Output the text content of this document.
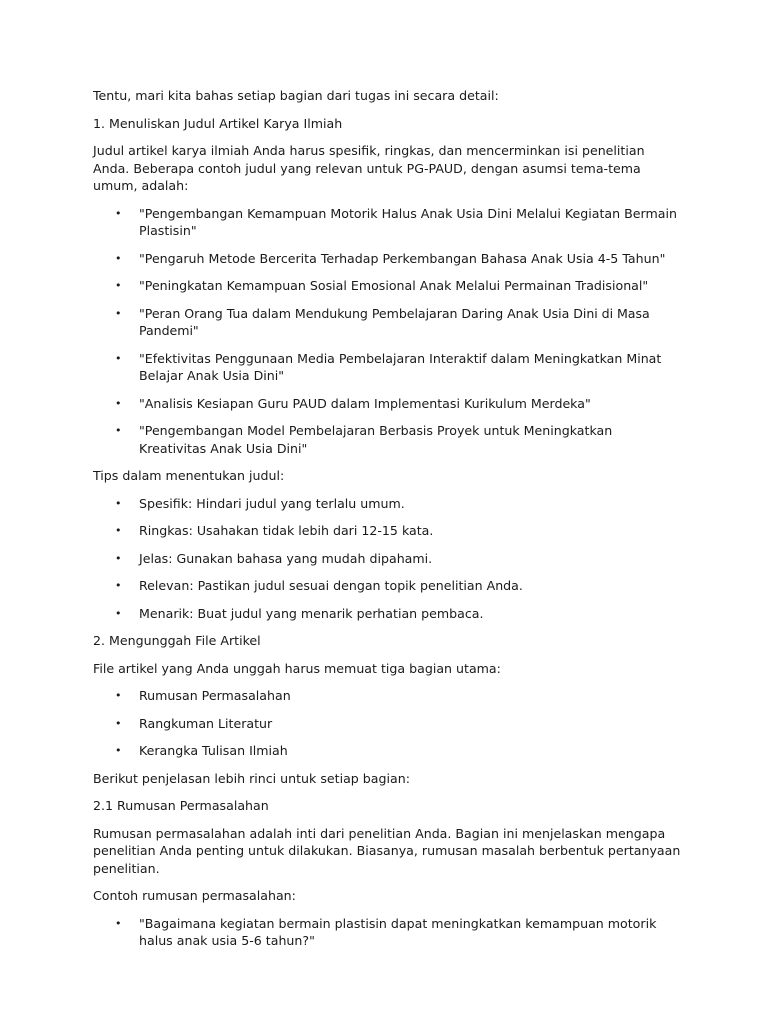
Tentu, mari kita bahas setiap bagian dari tugas ini secara detail:

1. Menuliskan Judul Artikel Karya Ilmiah

Judul artikel karya ilmiah Anda harus spesifik, ringkas, dan mencerminkan isi penelitian Anda. Beberapa contoh judul yang relevan untuk PG-PAUD, dengan asumsi tema-tema umum, adalah:

• "Pengembangan Kemampuan Motorik Halus Anak Usia Dini Melalui Kegiatan Bermain Plastisin"
• "Pengaruh Metode Bercerita Terhadap Perkembangan Bahasa Anak Usia 4-5 Tahun"
• "Peningkatan Kemampuan Sosial Emosional Anak Melalui Permainan Tradisional"
• "Peran Orang Tua dalam Mendukung Pembelajaran Daring Anak Usia Dini di Masa Pandemi"
• "Efektivitas Penggunaan Media Pembelajaran Interaktif dalam Meningkatkan Minat Belajar Anak Usia Dini"
• "Analisis Kesiapan Guru PAUD dalam Implementasi Kurikulum Merdeka"
• "Pengembangan Model Pembelajaran Berbasis Proyek untuk Meningkatkan Kreativitas Anak Usia Dini"

Tips dalam menentukan judul:

• Spesifik: Hindari judul yang terlalu umum.
• Ringkas: Usahakan tidak lebih dari 12-15 kata.
• Jelas: Gunakan bahasa yang mudah dipahami.
• Relevan: Pastikan judul sesuai dengan topik penelitian Anda.
• Menarik: Buat judul yang menarik perhatian pembaca.

2. Mengunggah File Artikel

File artikel yang Anda unggah harus memuat tiga bagian utama:

• Rumusan Permasalahan
• Rangkuman Literatur
• Kerangka Tulisan Ilmiah

Berikut penjelasan lebih rinci untuk setiap bagian:

2.1 Rumusan Permasalahan

Rumusan permasalahan adalah inti dari penelitian Anda. Bagian ini menjelaskan mengapa penelitian Anda penting untuk dilakukan. Biasanya, rumusan masalah berbentuk pertanyaan penelitian.

Contoh rumusan permasalahan:

• "Bagaimana kegiatan bermain plastisin dapat meningkatkan kemampuan motorik halus anak usia 5-6 tahun?"
